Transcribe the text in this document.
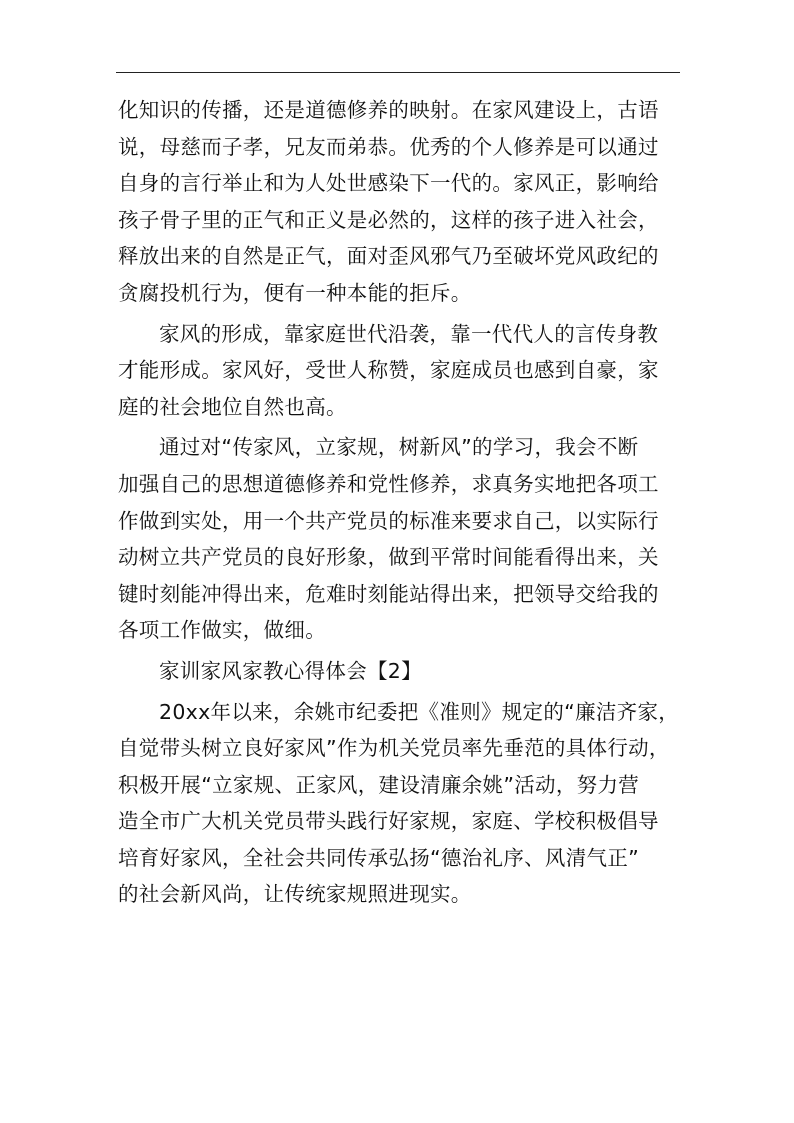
化知识的传播，还是道德修养的映射。在家风建设上，古语
说，母慈而子孝，兄友而弟恭。优秀的个人修养是可以通过
自身的言行举止和为人处世感染下一代的。家风正，影响给
孩子骨子里的正气和正义是必然的，这样的孩子进入社会，
释放出来的自然是正气，面对歪风邪气乃至破坏党风政纪的
贪腐投机行为，便有一种本能的拒斥。
家风的形成，靠家庭世代沿袭，靠一代代人的言传身教
才能形成。家风好，受世人称赞，家庭成员也感到自豪，家
庭的社会地位自然也高。
通过对“传家风，立家规，树新风”的学习，我会不断
加强自己的思想道德修养和党性修养，求真务实地把各项工
作做到实处，用一个共产党员的标准来要求自己，以实际行
动树立共产党员的良好形象，做到平常时间能看得出来，关
键时刻能冲得出来，危难时刻能站得出来，把领导交给我的
各项工作做实，做细。
家训家风家教心得体会【2】
20xx年以来，余姚市纪委把《准则》规定的“廉洁齐家，
自觉带头树立良好家风”作为机关党员率先垂范的具体行动，
积极开展“立家规、正家风，建设清廉余姚”活动，努力营
造全市广大机关党员带头践行好家规，家庭、学校积极倡导
培育好家风，全社会共同传承弘扬“德治礼序、风清气正”
的社会新风尚，让传统家规照进现实。
